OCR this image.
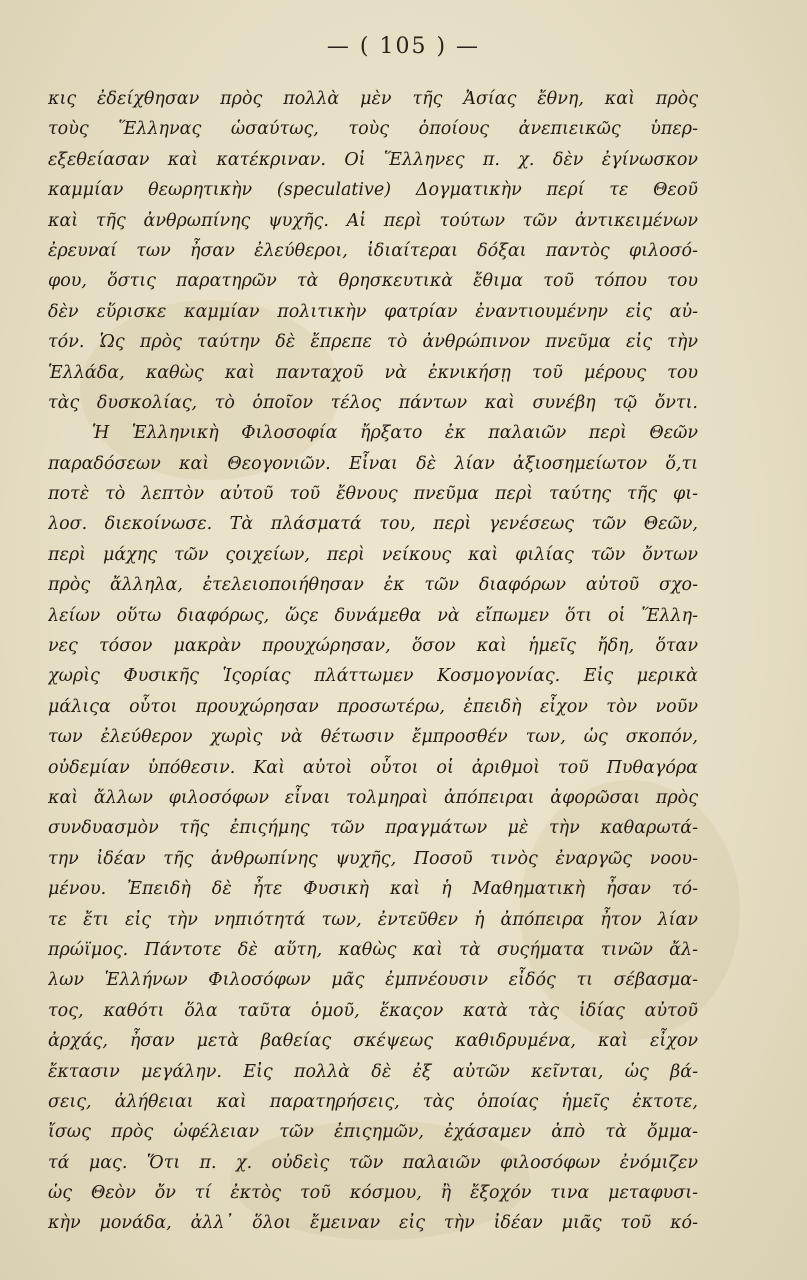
— ( 105 ) —
κις ἐδείχθησαν πρὸς πολλὰ μὲν τῆς Ἀσίας ἔθνη, καὶ πρὸς
τοὺς Ἕλληνας ὡσαύτως, τοὺς ὁποίους ἀνεπιεικῶς ὑπερ-
εξεθείασαν καὶ κατέκριναν. Οἱ Ἕλληνες π. χ. δὲν ἐγίνωσκον
καμμίαν θεωρητικὴν (speculative) Δογματικὴν περί τε Θεοῦ
καὶ τῆς ἀνθρωπίνης ψυχῆς. Αἱ περὶ τούτων τῶν ἀντικειμένων
ἐρευναί των ἦσαν ἐλεύθεροι, ἰδιαίτεραι δόξαι παντὸς φιλοσό-
φου, ὅστις παρατηρῶν τὰ θρησκευτικὰ ἔθιμα τοῦ τόπου του
δὲν εὕρισκε καμμίαν πολιτικὴν φατρίαν ἐναντιουμένην εἰς αὐ-
τόν. Ὡς πρὸς ταύτην δὲ ἔπρεπε τὸ ἀνθρώπινον πνεῦμα εἰς τὴν
Ἑλλάδα, καθὼς καὶ πανταχοῦ νὰ ἐκνικήσῃ τοῦ μέρους του
τὰς δυσκολίας, τὸ ὁποῖον τέλος πάντων καὶ συνέβη τῷ ὄντι.
Ἡ Ἑλληνικὴ Φιλοσοφία ἤρξατο ἐκ παλαιῶν περὶ Θεῶν
παραδόσεων καὶ Θεογονιῶν. Εἶναι δὲ λίαν ἀξιοσημείωτον ὅ,τι
ποτὲ τὸ λεπτὸν αὐτοῦ τοῦ ἔθνους πνεῦμα περὶ ταύτης τῆς φι-
λοσ. διεκοίνωσε. Τὰ πλάσματά του, περὶ γενέσεως τῶν Θεῶν,
περὶ μάχης τῶν ςοιχείων, περὶ νείκους καὶ φιλίας τῶν ὄντων
πρὸς ἄλληλα, ἐτελειοποιήθησαν ἐκ τῶν διαφόρων αὐτοῦ σχο-
λείων οὕτω διαφόρως, ὥςε δυνάμεθα νὰ εἴπωμεν ὅτι οἱ Ἕλλη-
νες τόσον μακρὰν προυχώρησαν, ὅσον καὶ ἡμεῖς ἤδη, ὅταν
χωρὶς Φυσικῆς Ἱςορίας πλάττωμεν Κοσμογονίας. Εἰς μερικὰ
μάλιςα οὗτοι προυχώρησαν προσωτέρω, ἐπειδὴ εἶχον τὸν νοῦν
των ἐλεύθερον χωρὶς νὰ θέτωσιν ἔμπροσθέν των, ὡς σκοπόν,
οὐδεμίαν ὑπόθεσιν. Καὶ αὐτοὶ οὗτοι οἱ ἀριθμοὶ τοῦ Πυθαγόρα
καὶ ἄλλων φιλοσόφων εἶναι τολμηραὶ ἀπόπειραι ἀφορῶσαι πρὸς
συνδυασμὸν τῆς ἐπιςήμης τῶν πραγμάτων μὲ τὴν καθαρωτά-
την ἰδέαν τῆς ἀνθρωπίνης ψυχῆς, Ποσοῦ τινὸς ἐναργῶς νοου-
μένου. Ἐπειδὴ δὲ ἦτε Φυσικὴ καὶ ἡ Μαθηματικὴ ἦσαν τό-
τε ἔτι εἰς τὴν νηπιότητά των, ἐντεῦθεν ἡ ἀπόπειρα ἦτον λίαν
πρώϊμος. Πάντοτε δὲ αὕτη, καθὼς καὶ τὰ συςήματα τινῶν ἄλ-
λων Ἑλλήνων Φιλοσόφων μᾶς ἐμπνέουσιν εἶδός τι σέβασμα-
τος, καθότι ὅλα ταῦτα ὁμοῦ, ἕκαςον κατὰ τὰς ἰδίας αὐτοῦ
ἀρχάς, ἦσαν μετὰ βαθείας σκέψεως καθιδρυμένα, καὶ εἶχον
ἔκτασιν μεγάλην. Εἰς πολλὰ δὲ ἐξ αὐτῶν κεῖνται, ὡς βά-
σεις, ἀλήθειαι καὶ παρατηρήσεις, τὰς ὁποίας ἡμεῖς ἐκτοτε,
ἴσως πρὸς ὠφέλειαν τῶν ἐπιςημῶν, ἐχάσαμεν ἀπὸ τὰ ὄμμα-
τά μας. Ὅτι π. χ. οὐδεὶς τῶν παλαιῶν φιλοσόφων ἐνόμιζεν
ὡς Θεὸν ὄν τί ἐκτὸς τοῦ κόσμου, ἢ ἔξοχόν τινα μεταφυσι-
κὴν μονάδα, ἀλλ᾽ ὅλοι ἔμειναν εἰς τὴν ἰδέαν μιᾶς τοῦ κό-
